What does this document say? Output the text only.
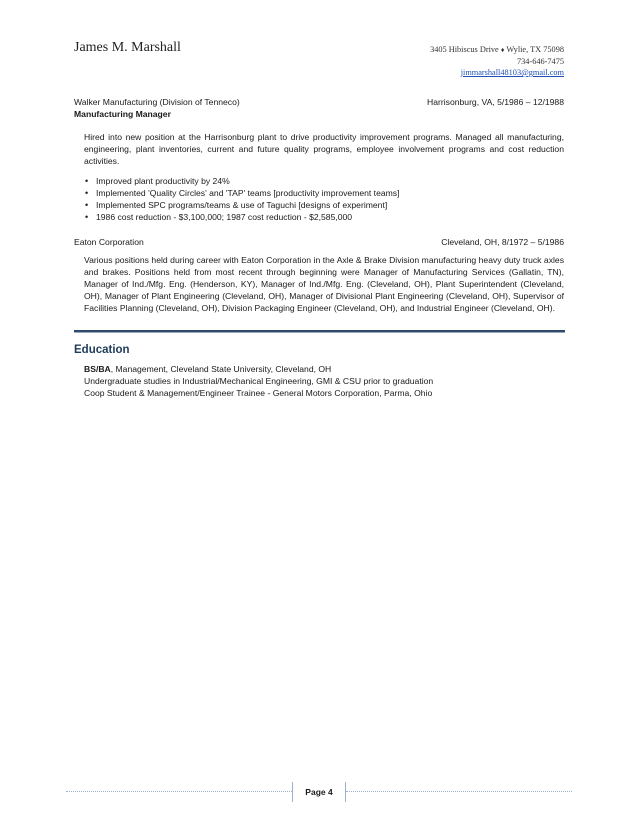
James M. Marshall	3405 Hibiscus Drive ♦ Wylie, TX 75098
734-646-7475
jimmarshall48103@gmail.com
Walker Manufacturing (Division of Tenneco)	Harrisonburg, VA, 5/1986 – 12/1988
Manufacturing Manager
Hired into new position at the Harrisonburg plant to drive productivity improvement programs. Managed all manufacturing, engineering, plant inventories, current and future quality programs, employee involvement programs and cost reduction activities.
• Improved plant productivity by 24%
• Implemented 'Quality Circles' and 'TAP' teams [productivity improvement teams]
• Implemented SPC programs/teams & use of Taguchi [designs of experiment]
• 1986 cost reduction - $3,100,000; 1987 cost reduction - $2,585,000
Eaton Corporation	Cleveland, OH, 8/1972 – 5/1986
Various positions held during career with Eaton Corporation in the Axle & Brake Division manufacturing heavy duty truck axles and brakes. Positions held from most recent through beginning were Manager of Manufacturing Services (Gallatin, TN), Manager of Ind./Mfg. Eng. (Henderson, KY), Manager of Ind./Mfg. Eng. (Cleveland, OH), Plant Superintendent (Cleveland, OH), Manager of Plant Engineering (Cleveland, OH), Manager of Divisional Plant Engineering (Cleveland, OH), Supervisor of Facilities Planning (Cleveland, OH), Division Packaging Engineer (Cleveland, OH), and Industrial Engineer (Cleveland, OH).
Education
BS/BA, Management, Cleveland State University, Cleveland, OH
Undergraduate studies in Industrial/Mechanical Engineering, GMI & CSU prior to graduation
Coop Student & Management/Engineer Trainee - General Motors Corporation, Parma, Ohio
Page 4
